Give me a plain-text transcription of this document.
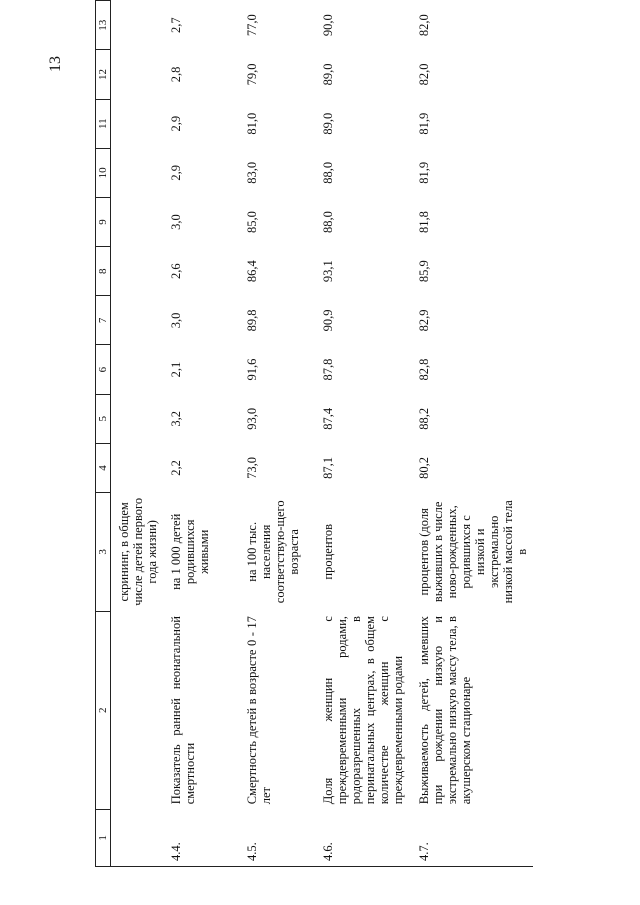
13
1	2	3	4	5	6	7	8	9	10	11	12	13
		скрининг, в общем числе детей первого года жизни)										
4.4.	Показатель ранней неонатальной смертности	на 1 000 детей родившихся живыми	2,2	3,2	2,1	3,0	2,6	3,0	2,9	2,9	2,8	2,7
4.5.	Смертность детей в возрасте 0 - 17 лет	на 100 тыс. населения соответствую-щего возраста	73,0	93,0	91,6	89,8	86,4	85,0	83,0	81,0	79,0	77,0
4.6.	Доля женщин с преждевременными родами, родоразрешенных в перинатальных центрах, в общем количестве женщин с преждевременными родами	процентов	87,1	87,4	87,8	90,9	93,1	88,0	88,0	89,0	89,0	90,0
4.7.	Выживаемость детей, имевших при рождении низкую и экстремально низкую массу тела, в акушерском стационаре	процентов (доля выживших в числе ново-рожденных, родившихся с низкой и экстремально низкой массой тела в	80,2	88,2	82,8	82,9	85,9	81,8	81,9	81,9	82,0	82,0
